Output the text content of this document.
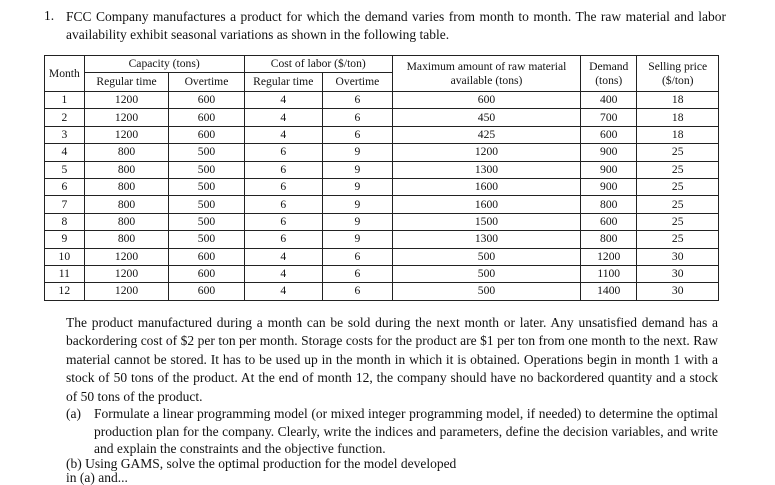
1. FCC Company manufactures a product for which the demand varies from month to month. The raw material and labor availability exhibit seasonal variations as shown in the following table.
Month	Capacity (tons)		Cost of labor ($/ton)		Maximum amount of raw material available (tons)	Demand (tons)	Selling price ($/ton)
	Regular time	Overtime	Regular time	Overtime			
1	1200	600	4	6	600	400	18
2	1200	600	4	6	450	700	18
3	1200	600	4	6	425	600	18
4	800	500	6	9	1200	900	25
5	800	500	6	9	1300	900	25
6	800	500	6	9	1600	900	25
7	800	500	6	9	1600	800	25
8	800	500	6	9	1500	600	25
9	800	500	6	9	1300	800	25
10	1200	600	4	6	500	1200	30
11	1200	600	4	6	500	1100	30
12	1200	600	4	6	500	1400	30
The product manufactured during a month can be sold during the next month or later. Any unsatisfied demand has a backordering cost of $2 per ton per month. Storage costs for the product are $1 per ton from one month to the next. Raw material cannot be stored. It has to be used up in the month in which it is obtained. Operations begin in month 1 with a stock of 50 tons of the product. At the end of month 12, the company should have no backordered quantity and a stock of 50 tons of the product.
(a) Formulate a linear programming model (or mixed integer programming model, if needed) to determine the optimal production plan for the company. Clearly, write the indices and parameters, define the decision variables, and write and explain the constraints and the objective function.
(b) Using GAMS, solve the optimal production for the model developed in (a) and...
